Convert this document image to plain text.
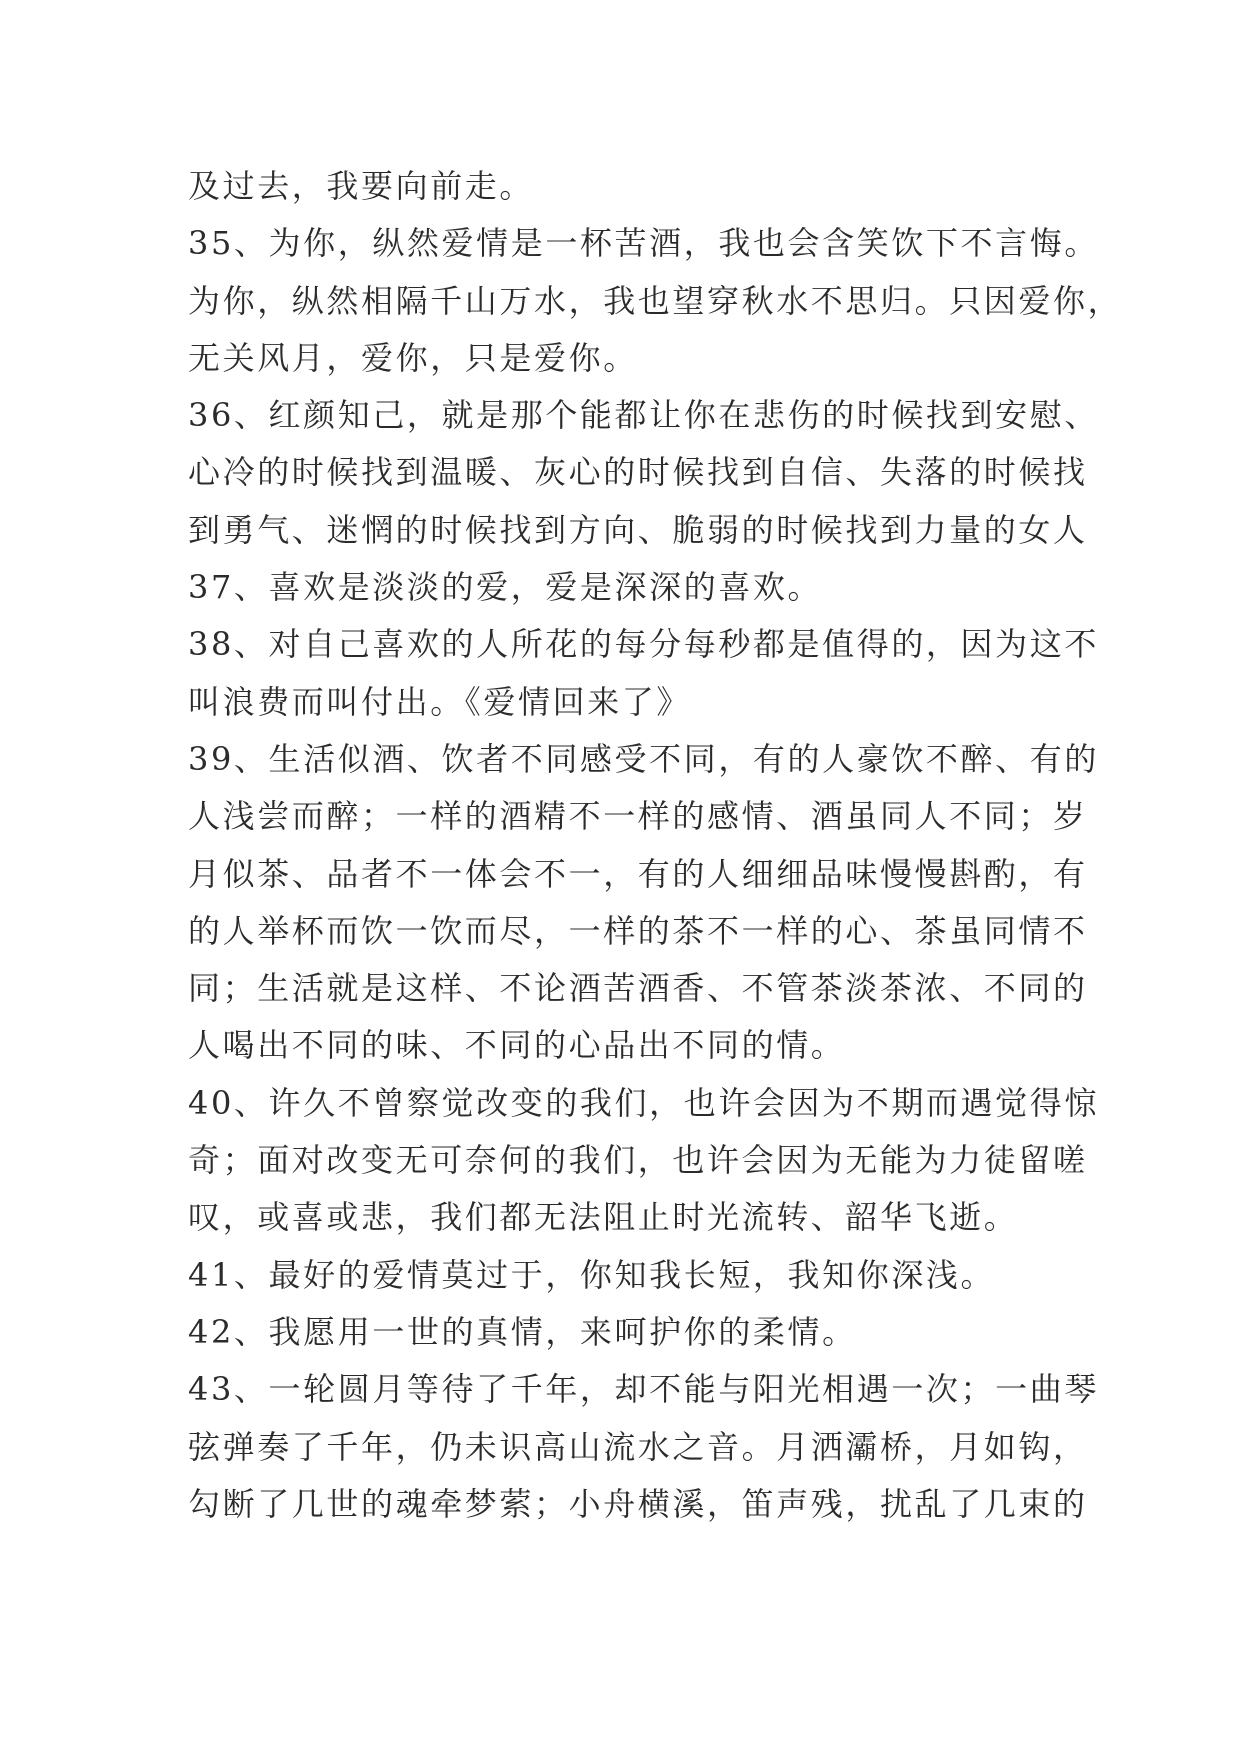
及过去，我要向前走。
35、为你，纵然爱情是一杯苦酒，我也会含笑饮下不言悔。
为你，纵然相隔千山万水，我也望穿秋水不思归。只因爱你，
无关风月，爱你，只是爱你。
36、红颜知己，就是那个能都让你在悲伤的时候找到安慰、
心冷的时候找到温暖、灰心的时候找到自信、失落的时候找
到勇气、迷惘的时候找到方向、脆弱的时候找到力量的女人
37、喜欢是淡淡的爱，爱是深深的喜欢。
38、对自己喜欢的人所花的每分每秒都是值得的，因为这不
叫浪费而叫付出。《爱情回来了》
39、生活似酒、饮者不同感受不同，有的人豪饮不醉、有的
人浅尝而醉；一样的酒精不一样的感情、酒虽同人不同；岁
月似茶、品者不一体会不一，有的人细细品味慢慢斟酌，有
的人举杯而饮一饮而尽，一样的茶不一样的心、茶虽同情不
同；生活就是这样、不论酒苦酒香、不管茶淡茶浓、不同的
人喝出不同的味、不同的心品出不同的情。
40、许久不曾察觉改变的我们，也许会因为不期而遇觉得惊
奇；面对改变无可奈何的我们，也许会因为无能为力徒留嗟
叹，或喜或悲，我们都无法阻止时光流转、韶华飞逝。
41、最好的爱情莫过于，你知我长短，我知你深浅。
42、我愿用一世的真情，来呵护你的柔情。
43、一轮圆月等待了千年，却不能与阳光相遇一次；一曲琴
弦弹奏了千年，仍未识高山流水之音。月洒灞桥，月如钩，
勾断了几世的魂牵梦萦；小舟横溪，笛声残，扰乱了几束的
